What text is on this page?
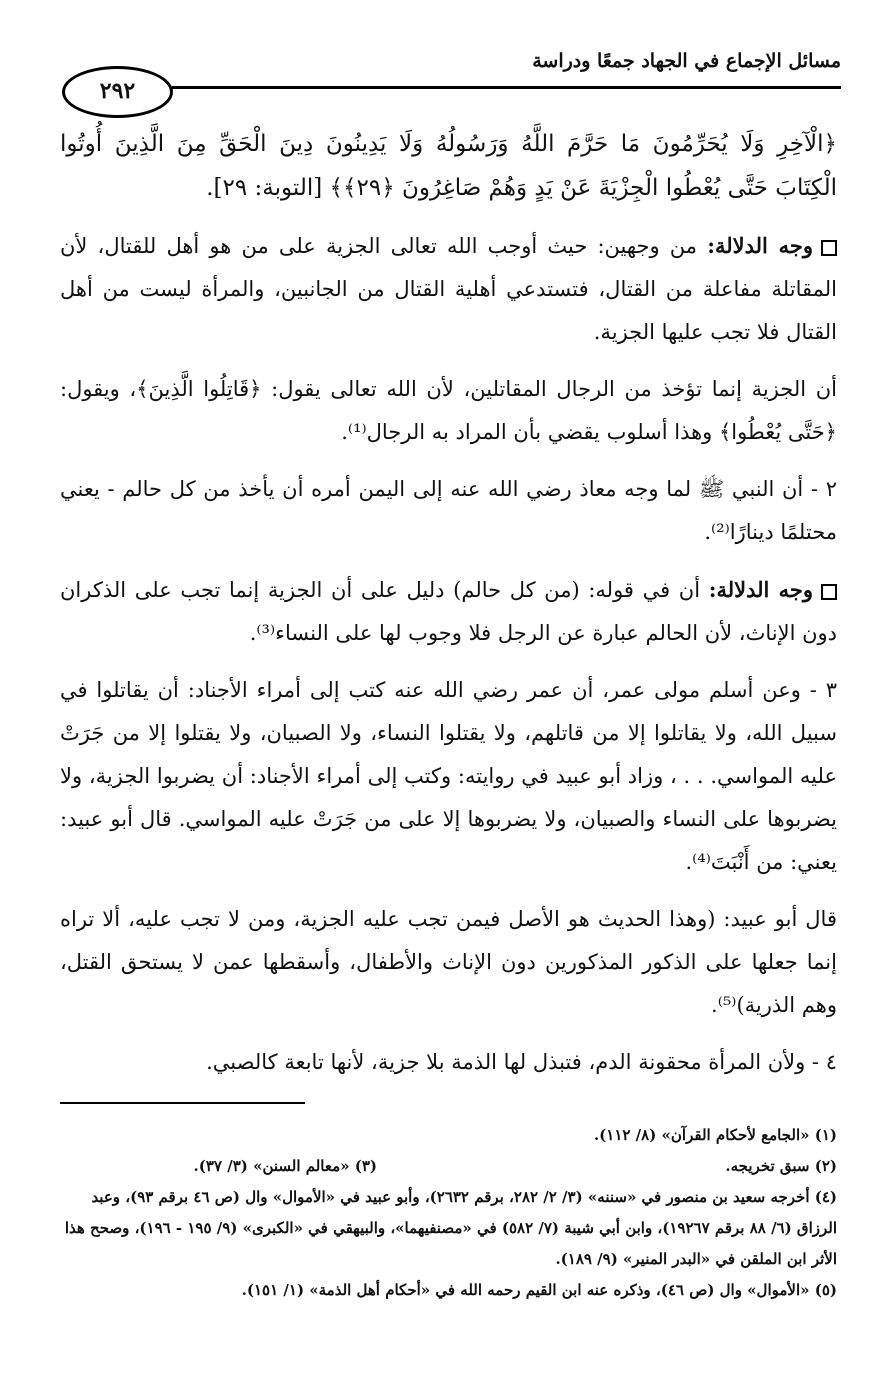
مسائل الإجماع في الجهاد جمعًا ودراسة
٢٩٢

﴿الْآخِرِ وَلَا يُحَرِّمُونَ مَا حَرَّمَ اللَّهُ وَرَسُولُهُ وَلَا يَدِينُونَ دِينَ الْحَقِّ مِنَ الَّذِينَ أُوتُوا الْكِتَابَ حَتَّى يُعْطُوا الْجِزْيَةَ عَنْ يَدٍ وَهُمْ صَاغِرُونَ ﴿٢٩﴾﴾ [التوبة: ٢٩].

وجه الدلالة: من وجهين: حيث أوجب الله تعالى الجزية على من هو أهل للقتال، لأن المقاتلة مفاعلة من القتال، فتستدعي أهلية القتال من الجانبين، والمرأة ليست من أهل القتال فلا تجب عليها الجزية.

أن الجزية إنما تؤخذ من الرجال المقاتلين، لأن الله تعالى يقول: ﴿قَاتِلُوا الَّذِينَ﴾، ويقول: ﴿حَتَّى يُعْطُوا﴾ وهذا أسلوب يقضي بأن المراد به الرجال⁽¹⁾.

٢ - أن النبي ﷺ لما وجه معاذ رضي الله عنه إلى اليمن أمره أن يأخذ من كل حالم - يعني محتلمًا دينارًا⁽²⁾.

وجه الدلالة: أن في قوله: (من كل حالم) دليل على أن الجزية إنما تجب على الذكران دون الإناث، لأن الحالم عبارة عن الرجل فلا وجوب لها على النساء⁽³⁾.

٣ - وعن أسلم مولى عمر، أن عمر رضي الله عنه كتب إلى أمراء الأجناد: أن يقاتلوا في سبيل الله، ولا يقاتلوا إلا من قاتلهم، ولا يقتلوا النساء، ولا الصبيان، ولا يقتلوا إلا من جَرَتْ عليه المواسي. . . ، وزاد أبو عبيد في روايته: وكتب إلى أمراء الأجناد: أن يضربوا الجزية، ولا يضربوها على النساء والصبيان، ولا يضربوها إلا على من جَرَتْ عليه المواسي. قال أبو عبيد: يعني: من أَنْبَتَ⁽⁴⁾.

قال أبو عبيد: (وهذا الحديث هو الأصل فيمن تجب عليه الجزية، ومن لا تجب عليه، ألا تراه إنما جعلها على الذكور المذكورين دون الإناث والأطفال، وأسقطها عمن لا يستحق القتل، وهم الذرية)⁽⁵⁾.

٤ - ولأن المرأة محقونة الدم، فتبذل لها الذمة بلا جزية، لأنها تابعة كالصبي.

(١) «الجامع لأحكام القرآن» (٨/ ١١٢).

(٢) سبق تخريجه.

(٣) «معالم السنن» (٣/ ٣٧).

(٤) أخرجه سعيد بن منصور في «سننه» (٣/ ٢/ ٢٨٢، برقم ٢٦٣٢)، وأبو عبيد في «الأموال» وال (ص ٤٦ برقم ٩٣)، وعبد الرزاق (٦/ ٨٨ برقم ١٩٢٦٧)، وابن أبي شيبة (٧/ ٥٨٢) في «مصنفيهما»، والبيهقي في «الكبرى» (٩/ ١٩٥ - ١٩٦)، وصحح هذا الأثر ابن الملقن في «البدر المنير» (٩/ ١٨٩).

(٥) «الأموال» وال (ص ٤٦)، وذكره عنه ابن القيم رحمه الله في «أحكام أهل الذمة» (١/ ١٥١).
